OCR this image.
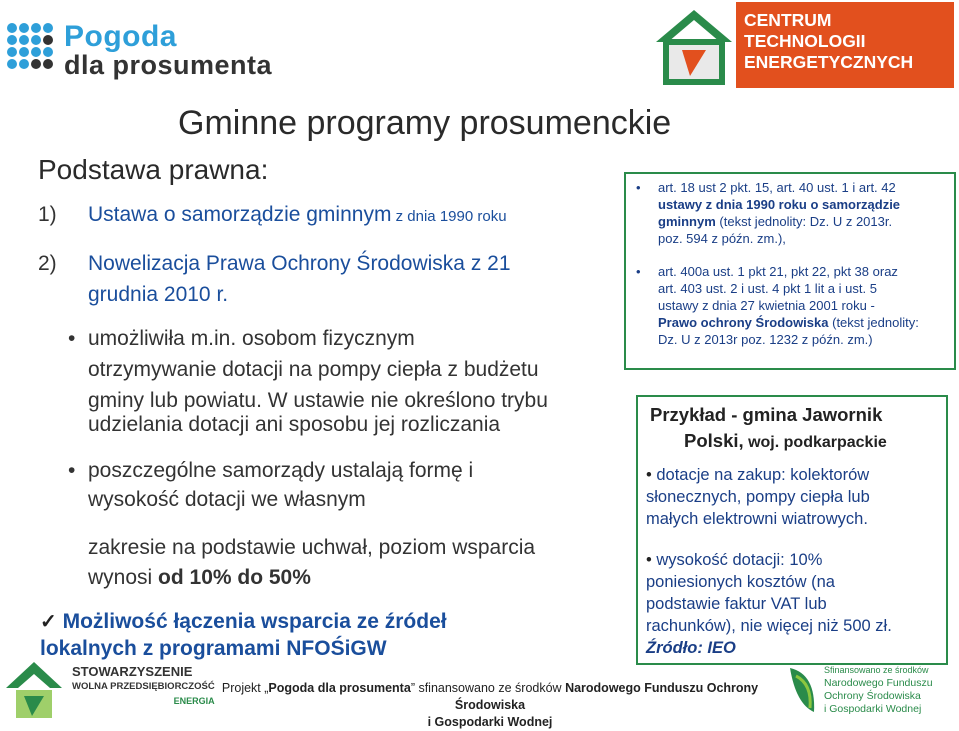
Pogoda
dla prosumenta
CENTRUM
TECHNOLOGII
ENERGETYCZNYCH
Gminne programy prosumenckie
Podstawa prawna:
1) Ustawa o samorządzie gminnym z dnia 1990 roku
2) Nowelizacja Prawa Ochrony Środowiska z 21
grudnia 2010 r.
• umożliwiła m.in. osobom fizycznym
otrzymywanie dotacji na pompy ciepła z budżetu
gminy lub powiatu. W ustawie nie określono trybu
udzielania dotacji ani sposobu jej rozliczania
• poszczególne samorządy ustalają formę i
wysokość dotacji we własnym
zakresie na podstawie uchwał, poziom wsparcia
wynosi od 10% do 50%
✓ Możliwość łączenia wsparcia ze źródeł
lokalnych z programami NFOŚiGW
• art. 18 ust 2 pkt. 15, art. 40 ust. 1 i art. 42
ustawy z dnia 1990 roku o samorządzie
gminnym (tekst jednolity: Dz. U z 2013r.
poz. 594 z późn. zm.),
• art. 400a ust. 1 pkt 21, pkt 22, pkt 38 oraz
art. 403 ust. 2 i ust. 4 pkt 1 lit a i ust. 5
ustawy z dnia 27 kwietnia 2001 roku -
Prawo ochrony Środowiska (tekst jednolity:
Dz. U z 2013r poz. 1232 z późn. zm.)
Przykład - gmina Jawornik
Polski, woj. podkarpackie
• dotacje na zakup: kolektorów
słonecznych, pompy ciepła lub
małych elektrowni wiatrowych.
• wysokość dotacji: 10%
poniesionych kosztów (na
podstawie faktur VAT lub
rachunków), nie więcej niż 500 zł.
Źródło: IEO
STOWARZYSZENIE
WOLNA PRZEDSIĘBIORCZOŚĆ
ENERGIA
Projekt „Pogoda dla prosumenta” sfinansowano ze środków Narodowego Funduszu Ochrony Środowiska
i Gospodarki Wodnej
Sfinansowano ze środków
Narodowego Funduszu
Ochrony Środowiska
i Gospodarki Wodnej
